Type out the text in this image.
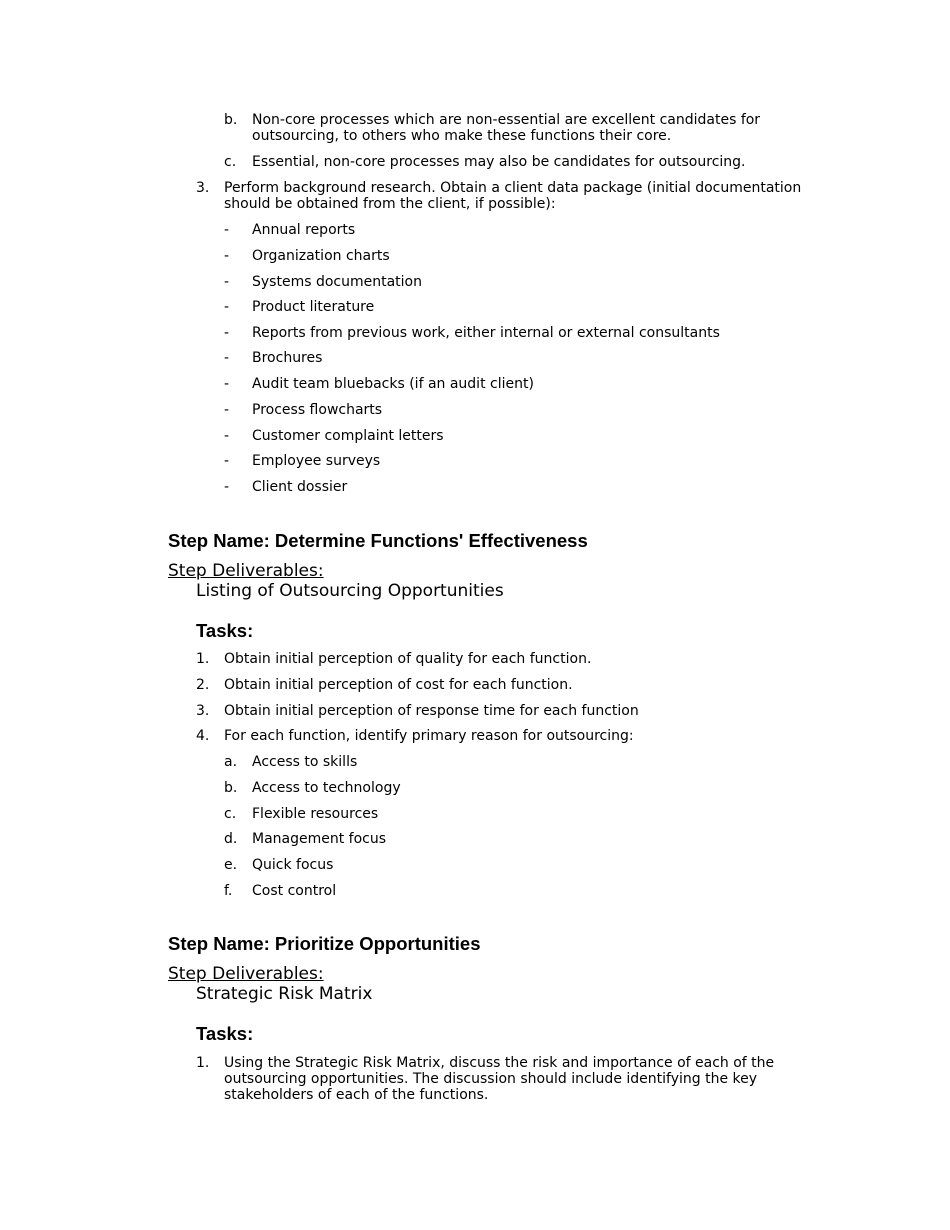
b. Non-core processes which are non-essential are excellent candidates for
outsourcing, to others who make these functions their core.
c. Essential, non-core processes may also be candidates for outsourcing.
3. Perform background research. Obtain a client data package (initial documentation
should be obtained from the client, if possible):
- Annual reports
- Organization charts
- Systems documentation
- Product literature
- Reports from previous work, either internal or external consultants
- Brochures
- Audit team bluebacks (if an audit client)
- Process flowcharts
- Customer complaint letters
- Employee surveys
- Client dossier
Step Name: Determine Functions' Effectiveness
Step Deliverables:
Listing of Outsourcing Opportunities
Tasks:
1. Obtain initial perception of quality for each function.
2. Obtain initial perception of cost for each function.
3. Obtain initial perception of response time for each function
4. For each function, identify primary reason for outsourcing:
a. Access to skills
b. Access to technology
c. Flexible resources
d. Management focus
e. Quick focus
f. Cost control
Step Name: Prioritize Opportunities
Step Deliverables:
Strategic Risk Matrix
Tasks:
1. Using the Strategic Risk Matrix, discuss the risk and importance of each of the
outsourcing opportunities. The discussion should include identifying the key
stakeholders of each of the functions.
